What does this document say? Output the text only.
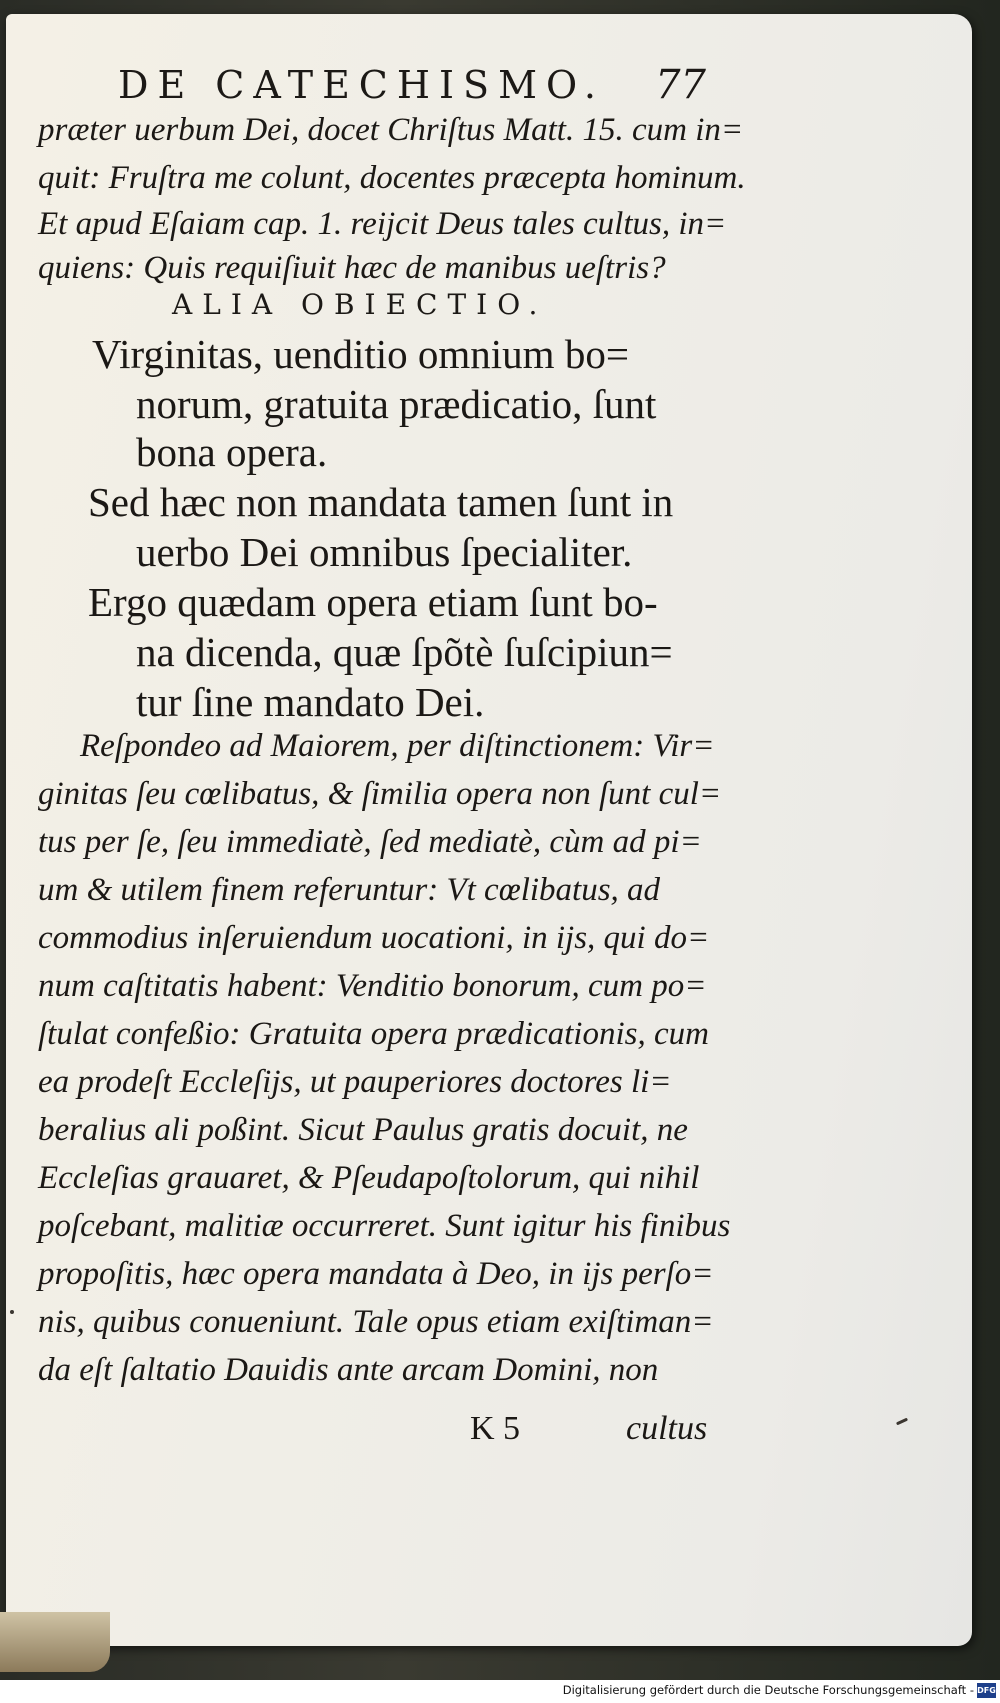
DE CATECHISMO. 77
prӕter uerbum Dei, docet Chriſtus Matt. 15. cum in=
quit: Fruſtra me colunt, docentes prӕcepta hominum.
Et apud Eſaiam cap. 1. reijcit Deus tales cultus, in=
quiens: Quis requiſiuit hӕc de manibus ueſtris?
ALIA OBIECTIO.
Virginitas, uenditio omnium bo=
norum, gratuita prӕdicatio, ſunt
bona opera.
Sed hӕc non mandata tamen ſunt in
uerbo Dei omnibus ſpecialiter.
Ergo quӕdam opera etiam ſunt bo-
na dicenda, quӕ ſpõtè ſuſcipiun=
tur ſine mandato Dei.
Reſpondeo ad Maiorem, per diſtinctionem: Vir=
ginitas ſeu cœlibatus, & ſimilia opera non ſunt cul=
tus per ſe, ſeu immediatè, ſed mediatè, cùm ad pi=
um & utilem finem referuntur: Vt cœlibatus, ad
commodius inſeruiendum uocationi, in ijs, qui do=
num caſtitatis habent: Venditio bonorum, cum po=
ſtulat confeßio: Gratuita opera prӕdicationis, cum
ea prodeſt Eccleſijs, ut pauperiores doctores li=
beralius ali poßint. Sicut Paulus gratis docuit, ne
Eccleſias grauaret, & Pſeudapoſtolorum, qui nihil
poſcebant, malitiӕ occurreret. Sunt igitur his finibus
propoſitis, hӕc opera mandata à Deo, in ijs perſo=
nis, quibus conueniunt. Tale opus etiam exiſtiman=
da eſt ſaltatio Dauidis ante arcam Domini, non
K 5	cultus
Digitalisierung gefördert durch die Deutsche Forschungsgemeinschaft - DFG
